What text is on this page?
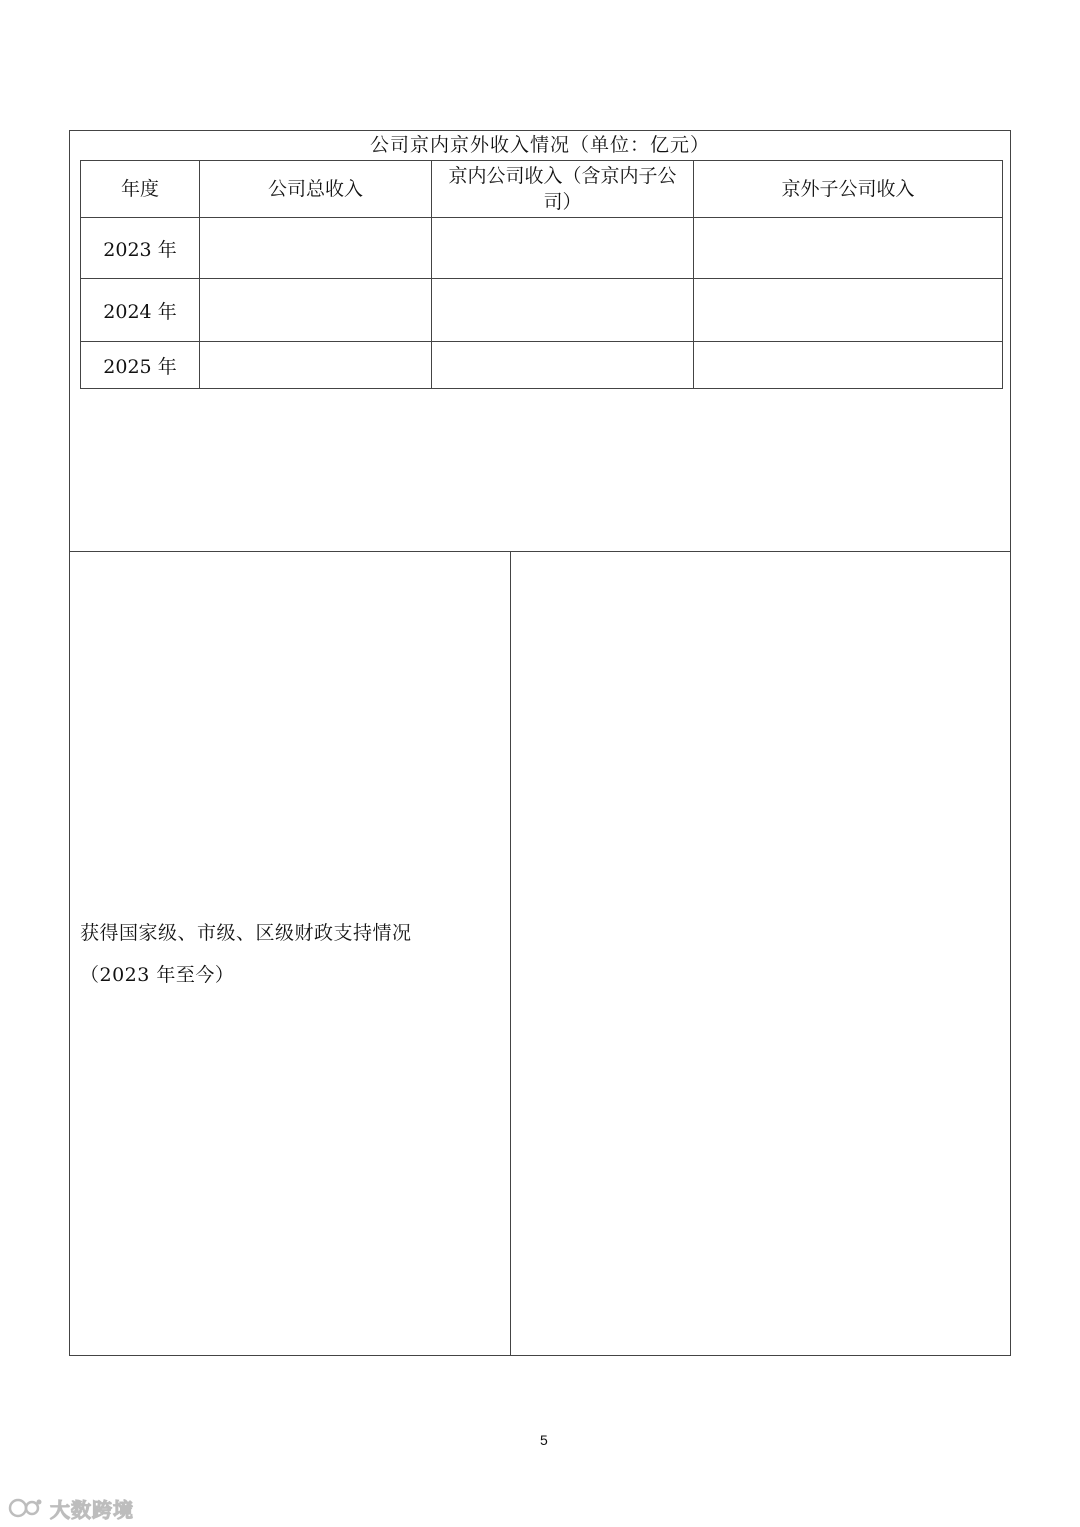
公司京内京外收入情况（单位：亿元）
年度	公司总收入	京内公司收入（含京内子公司）	京外子公司收入
2023 年			
2024 年			
2025 年			
获得国家级、市级、区级财政支持情况
（2023 年至今）
5
大数跨境
